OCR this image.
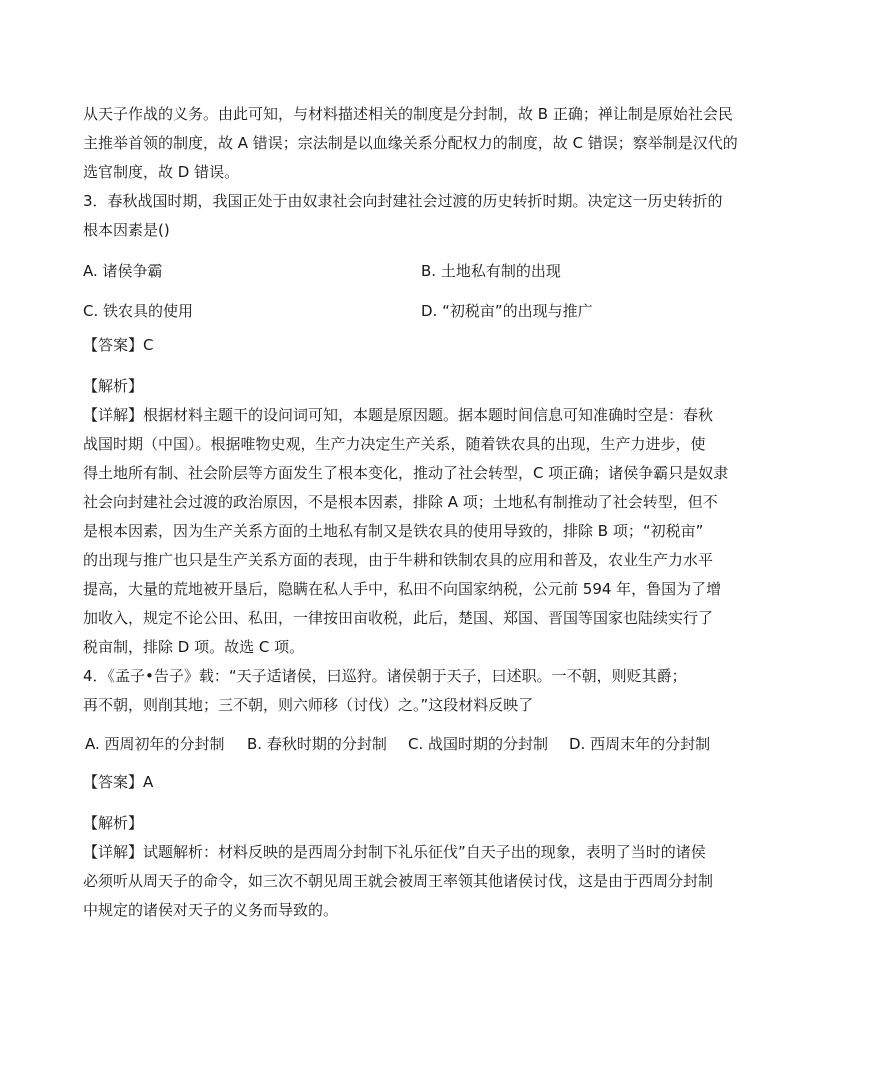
从天子作战的义务。由此可知，与材料描述相关的制度是分封制，故 B 正确；禅让制是原始社会民
主推举首领的制度，故 A 错误；宗法制是以血缘关系分配权力的制度，故 C 错误；察举制是汉代的
选官制度，故 D 错误。
3．春秋战国时期，我国正处于由奴隶社会向封建社会过渡的历史转折时期。决定这一历史转折的
根本因素是()
A. 诸侯争霸	B. 土地私有制的出现
C. 铁农具的使用	D. “初税亩”的出现与推广
【答案】C
【解析】
【详解】根据材料主题干的设问词可知，本题是原因题。据本题时间信息可知准确时空是：春秋
战国时期（中国）。根据唯物史观，生产力决定生产关系，随着铁农具的出现，生产力进步，使
得土地所有制、社会阶层等方面发生了根本变化，推动了社会转型，C 项正确；诸侯争霸只是奴隶
社会向封建社会过渡的政治原因，不是根本因素，排除 A 项；土地私有制推动了社会转型，但不
是根本因素，因为生产关系方面的土地私有制又是铁农具的使用导致的，排除 B 项；“初税亩”
的出现与推广也只是生产关系方面的表现，由于牛耕和铁制农具的应用和普及，农业生产力水平
提高，大量的荒地被开垦后，隐瞒在私人手中，私田不向国家纳税，公元前 594 年，鲁国为了增
加收入，规定不论公田、私田，一律按田亩收税，此后，楚国、郑国、晋国等国家也陆续实行了
税亩制，排除 D 项。故选 C 项。
4．《孟子•告子》载：“天子适诸侯，曰巡狩。诸侯朝于天子，曰述职。一不朝，则贬其爵；
再不朝，则削其地；三不朝，则六师移（讨伐）之。”这段材料反映了
A. 西周初年的分封制 B. 春秋时期的分封制 C. 战国时期的分封制 D. 西周末年的分封制
【答案】A
【解析】
【详解】试题解析：材料反映的是西周分封制下礼乐征伐”自天子出的现象，表明了当时的诸侯
必须听从周天子的命令，如三次不朝见周王就会被周王率领其他诸侯讨伐，这是由于西周分封制
中规定的诸侯对天子的义务而导致的。
